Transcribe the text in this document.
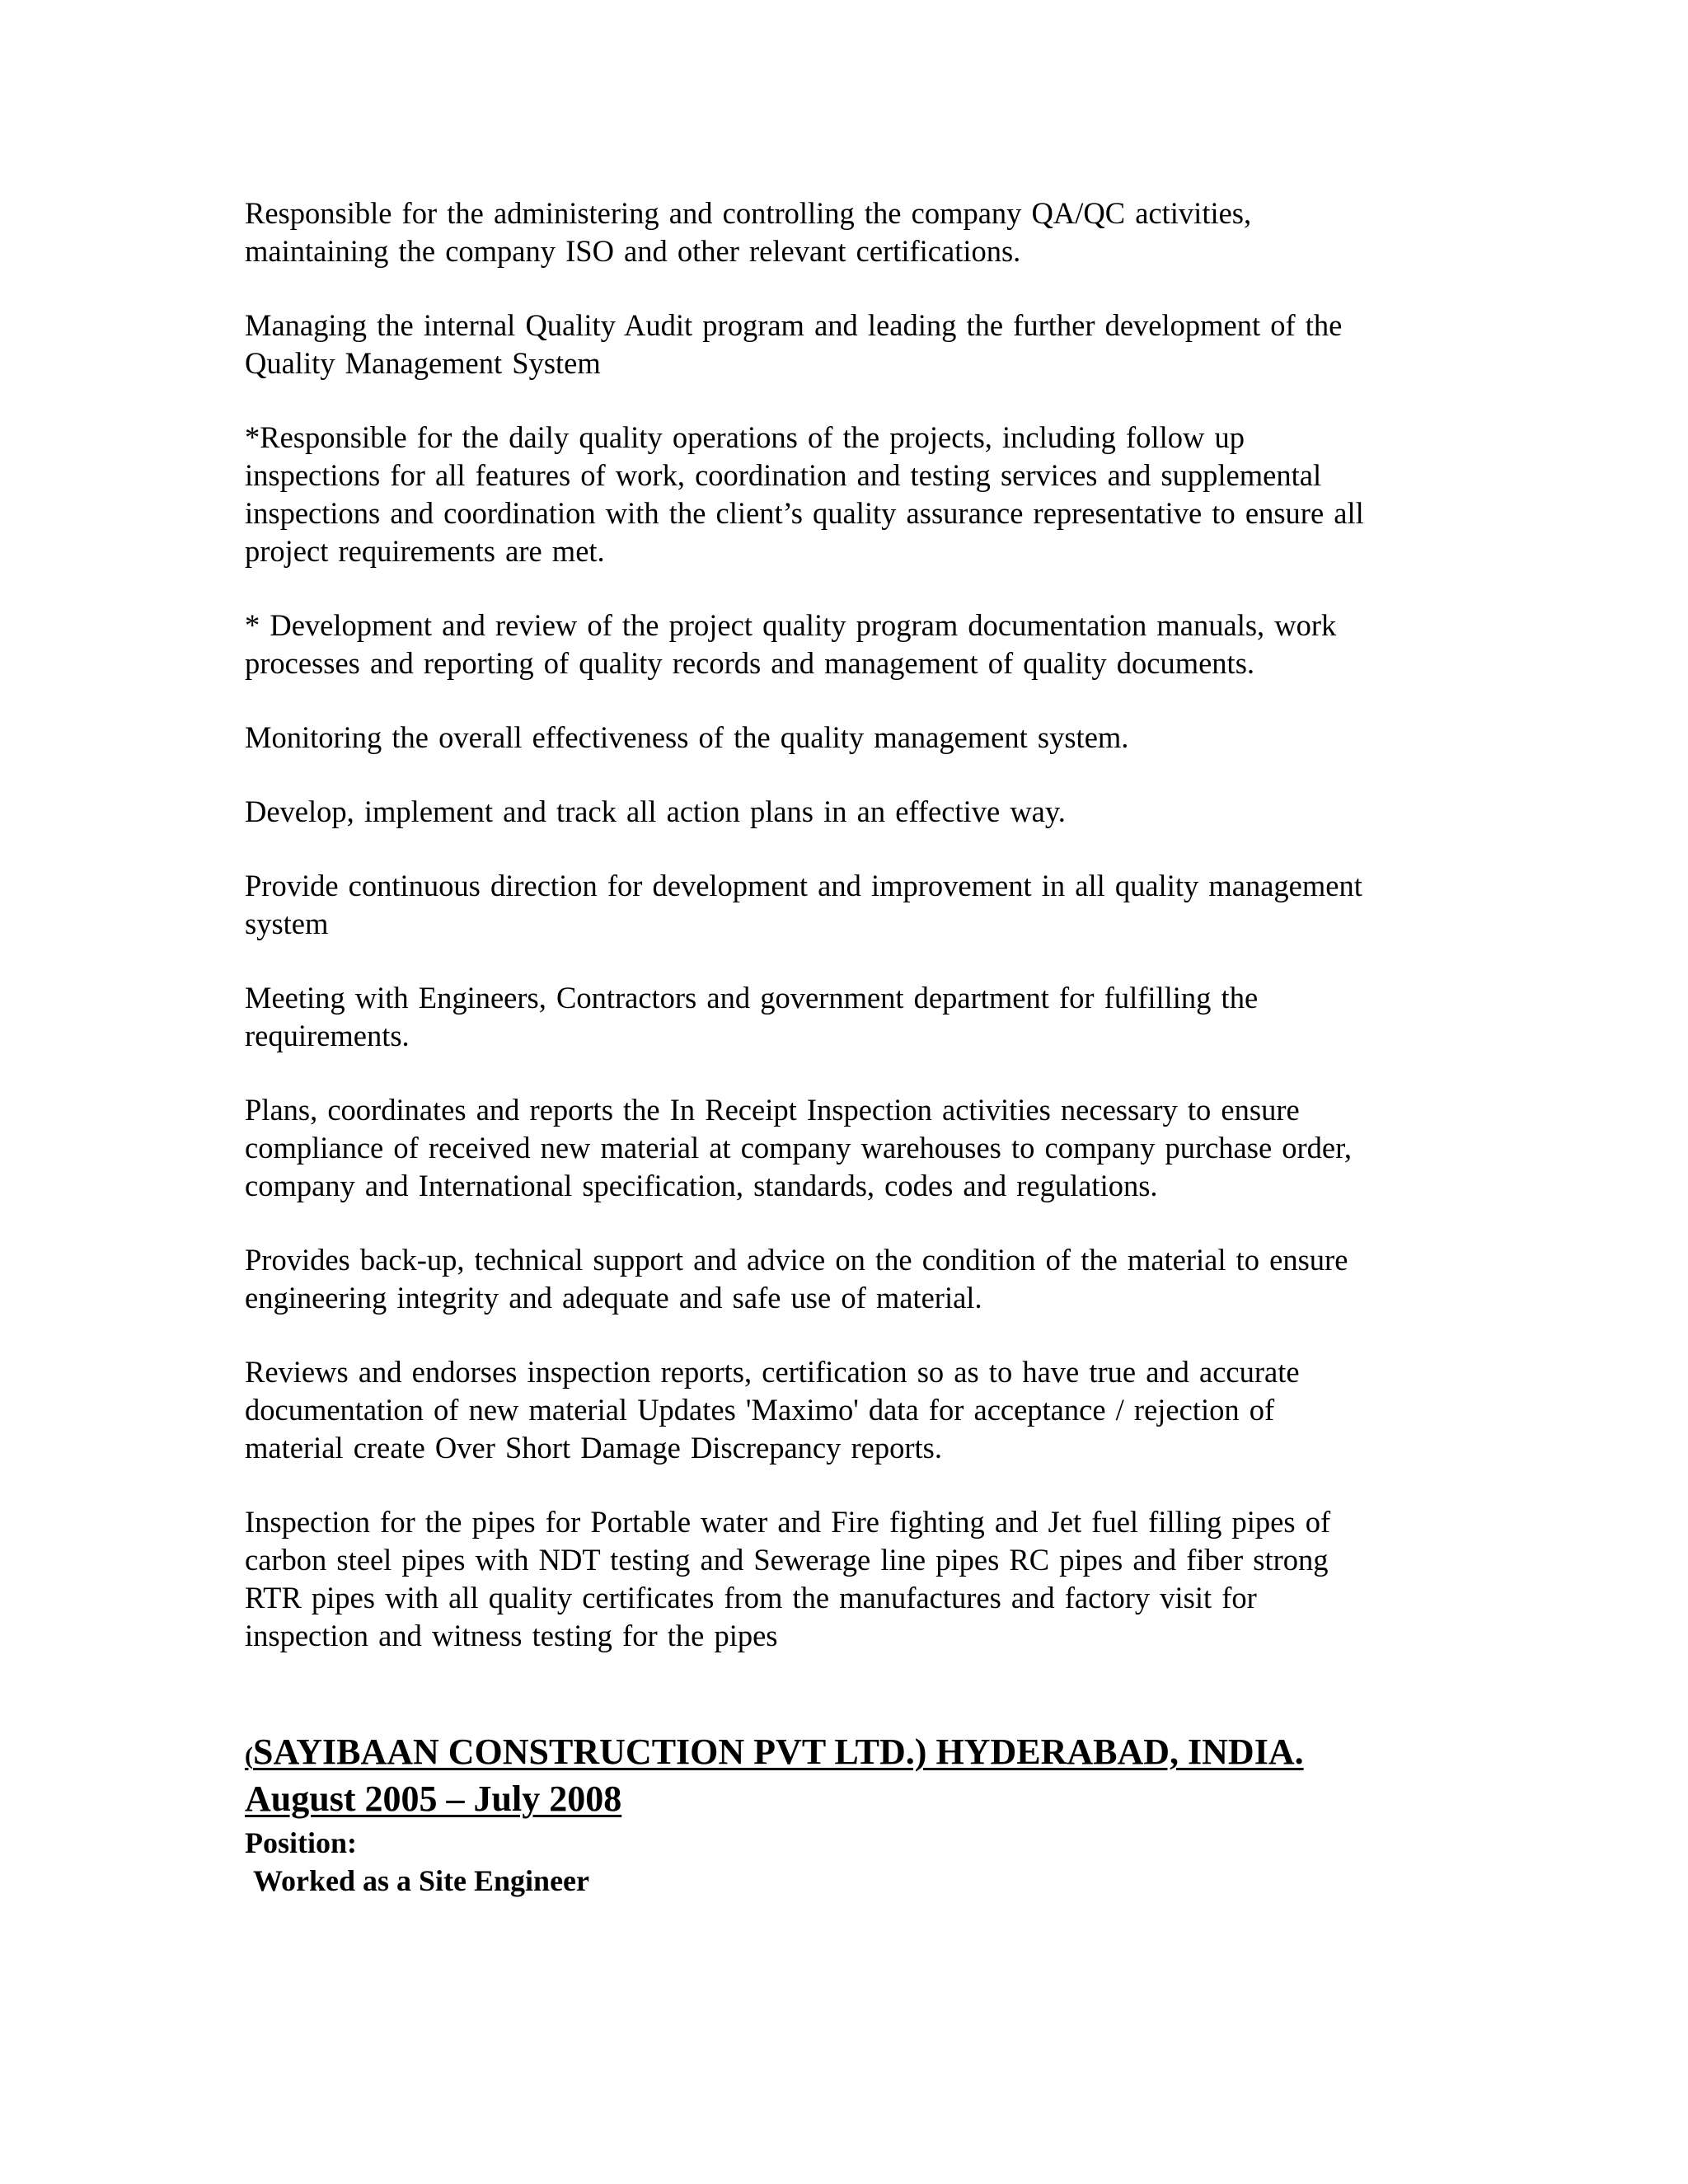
Responsible for the administering and controlling the company QA/QC activities,
maintaining the company ISO and other relevant certifications.

Managing the internal Quality Audit program and leading the further development of the
Quality Management System

*Responsible for the daily quality operations of the projects, including follow up
inspections for all features of work, coordination and testing services and supplemental
inspections and coordination with the client’s quality assurance representative to ensure all
project requirements are met.

* Development and review of the project quality program documentation manuals, work
processes and reporting of quality records and management of quality documents.

Monitoring the overall effectiveness of the quality management system.

Develop, implement and track all action plans in an effective way.

Provide continuous direction for development and improvement in all quality management
system

Meeting with Engineers, Contractors and government department for fulfilling the
requirements.

Plans, coordinates and reports the In Receipt Inspection activities necessary to ensure
compliance of received new material at company warehouses to company purchase order,
company and International specification, standards, codes and regulations.

Provides back-up, technical support and advice on the condition of the material to ensure
engineering integrity and adequate and safe use of material.

Reviews and endorses inspection reports, certification so as to have true and accurate
documentation of new material Updates 'Maximo' data for acceptance / rejection of
material create Over Short Damage Discrepancy reports.

Inspection for the pipes for Portable water and Fire fighting and Jet fuel filling pipes of
carbon steel pipes with NDT testing and Sewerage line pipes RC pipes and fiber strong
RTR pipes with all quality certificates from the manufactures and factory visit for
inspection and witness testing for the pipes

(SAYIBAAN CONSTRUCTION PVT LTD.) HYDERABAD, INDIA.

August 2005 – July 2008

Position:

Worked as a Site Engineer
